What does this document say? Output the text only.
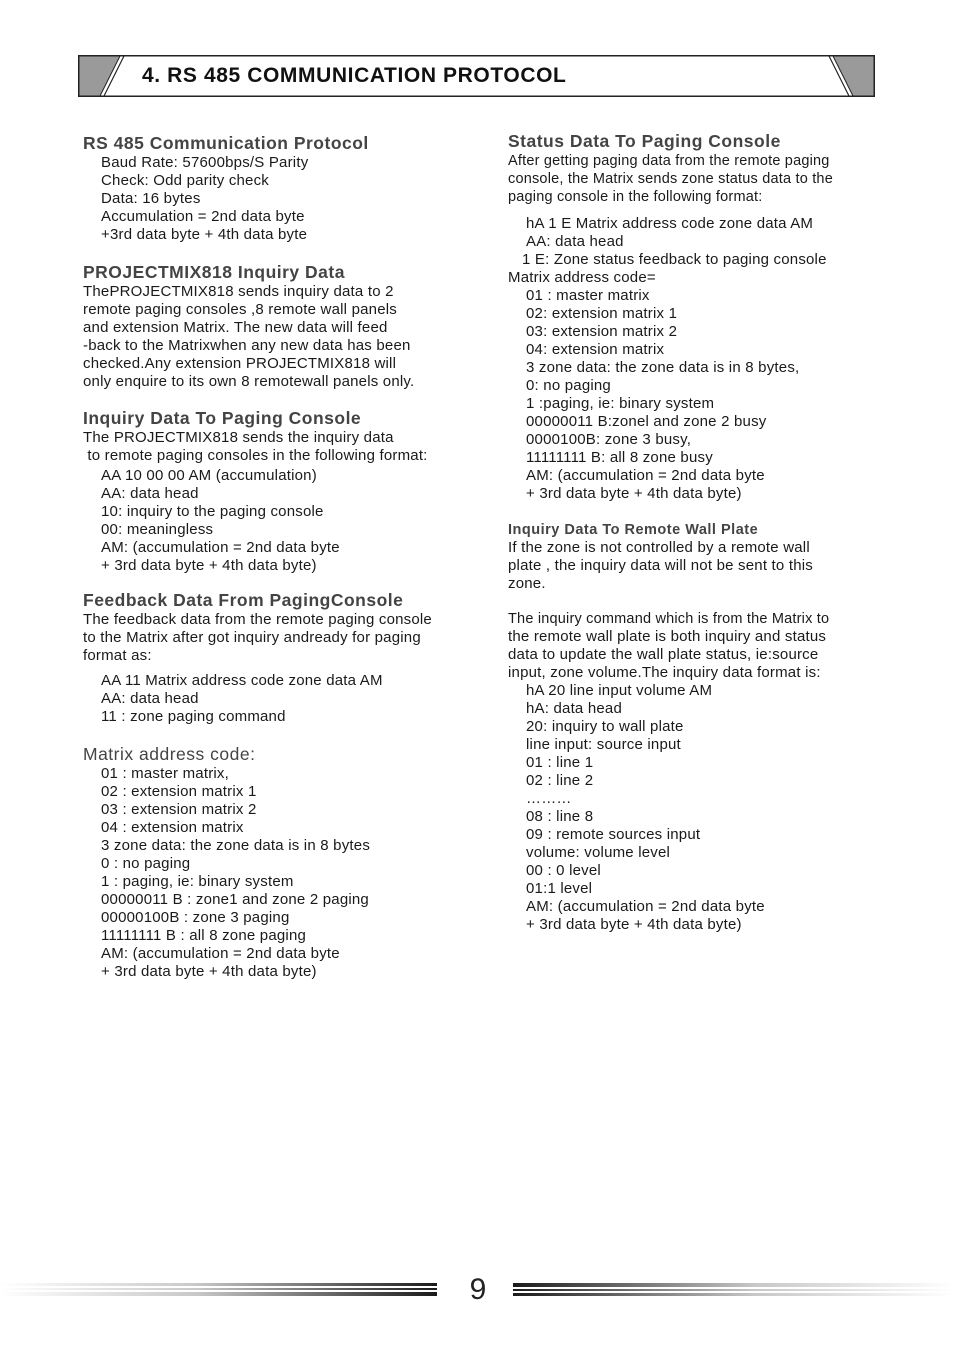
4. RS 485 COMMUNICATION PROTOCOL
RS 485 Communication Protocol
Baud Rate: 57600bps/S Parity
Check: Odd parity check
Data: 16 bytes
Accumulation = 2nd data byte
+3rd data byte + 4th data byte
PROJECTMIX818 Inquiry Data
ThePROJECTMIX818 sends inquiry data to 2
remote paging consoles ,8 remote wall panels
and extension Matrix. The new data will feed
-back to the Matrixwhen any new data has been
checked.Any extension PROJECTMIX818 will
only enquire to its own 8 remotewall panels only.
Inquiry Data To Paging Console
The PROJECTMIX818 sends the inquiry data
to remote paging consoles in the following format:
AA 10 00 00 AM (accumulation)
AA: data head
10: inquiry to the paging console
00: meaningless
AM: (accumulation = 2nd data byte
+ 3rd data byte + 4th data byte)
Feedback Data From PagingConsole
The feedback data from the remote paging console
to the Matrix after got inquiry andready for paging
format as:
AA 11 Matrix address code zone data AM
AA: data head
11 : zone paging command
Matrix address code:
01 : master matrix,
02 : extension matrix 1
03 : extension matrix 2
04 : extension matrix
3 zone data: the zone data is in 8 bytes
0 : no paging
1 : paging, ie: binary system
00000011 B : zone1 and zone 2 paging
00000100B : zone 3 paging
11111111 B : all 8 zone paging
AM: (accumulation = 2nd data byte
+ 3rd data byte + 4th data byte)
Status Data To Paging Console
After getting paging data from the remote paging
console, the Matrix sends zone status data to the
paging console in the following format:
hA 1 E Matrix address code zone data AM
AA: data head
1 E: Zone status feedback to paging console
Matrix address code=
01 : master matrix
02: extension matrix 1
03: extension matrix 2
04: extension matrix
3 zone data: the zone data is in 8 bytes,
0: no paging
1 :paging, ie: binary system
00000011 B:zonel and zone 2 busy
0000100B: zone 3 busy,
11111111 B: all 8 zone busy
AM: (accumulation = 2nd data byte
+ 3rd data byte + 4th data byte)
Inquiry Data To Remote Wall Plate
If the zone is not controlled by a remote wall
plate , the inquiry data will not be sent to this
zone.
The inquiry command which is from the Matrix to
the remote wall plate is both inquiry and status
data to update the wall plate status, ie:source
input, zone volume.The inquiry data format is:
hA 20 line input volume AM
hA: data head
20: inquiry to wall plate
line input: source input
01 : line 1
02 : line 2
………
08 : line 8
09 : remote sources input
volume: volume level
00 : 0 level
01:1 level
AM: (accumulation = 2nd data byte
+ 3rd data byte + 4th data byte)
9
